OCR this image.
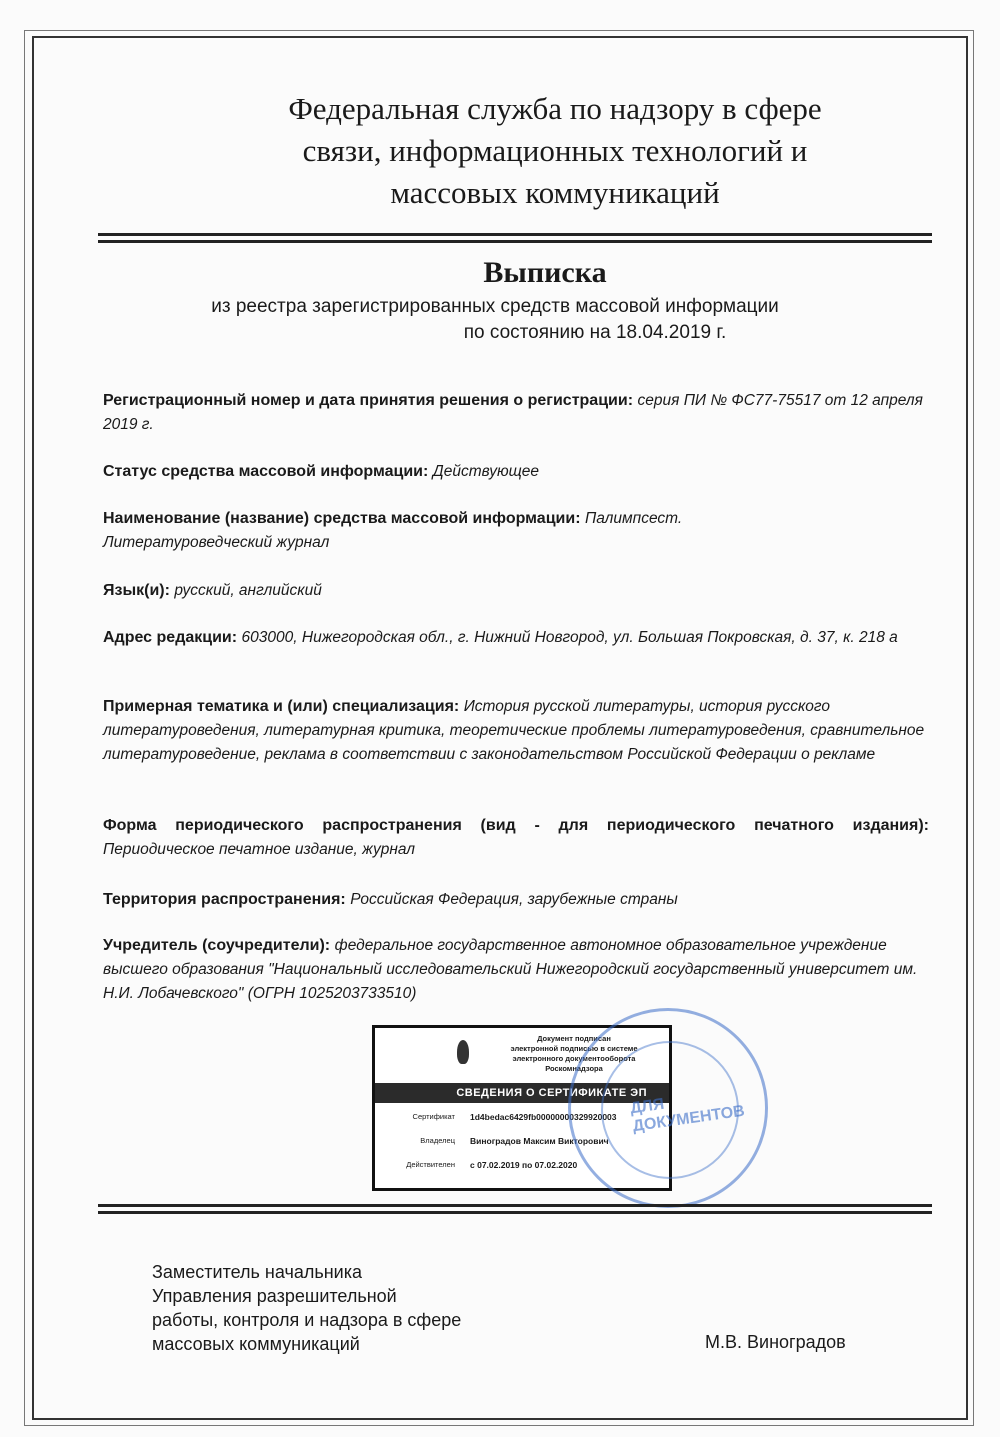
Федеральная служба по надзору в сфере
связи, информационных технологий и
массовых коммуникаций
Выписка
из реестра зарегистрированных средств массовой информации
по состоянию на 18.04.2019 г.
Регистрационный номер и дата принятия решения о регистрации: серия ПИ № ФС77-75517 от 12 апреля 2019 г.
Статус средства массовой информации: Действующее
Наименование (название) средства массовой информации: Палимпсест. Литературоведческий журнал
Язык(и): русский, английский
Адрес редакции: 603000, Нижегородская обл., г. Нижний Новгород, ул. Большая Покровская, д. 37, к. 218 а
Примерная тематика и (или) специализация: История русской литературы, история русского литературоведения, литературная критика, теоретические проблемы литературоведения, сравнительное литературоведение, реклама в соответствии с законодательством Российской Федерации о рекламе
Форма периодического распространения (вид - для периодического печатного издания): Периодическое печатное издание, журнал
Территория распространения: Российская Федерация, зарубежные страны
Учредитель (соучредители): федеральное государственное автономное образовательное учреждение высшего образования "Национальный исследовательский Нижегородский государственный университет им. Н.И. Лобачевского" (ОГРН 1025203733510)
Документ подписан
электронной подписью в системе
электронного документооборота
Роскомнадзора
СВЕДЕНИЯ О СЕРТИФИКАТЕ ЭП
Сертификат 1d4bedac6429fb00000000329920003
Владелец Виноградов Максим Викторович
Действителен с 07.02.2019 по 07.02.2020
ДЛЯ ДОКУМЕНТОВ
Заместитель начальника
Управления разрешительной
работы, контроля и надзора в сфере
массовых коммуникаций	М.В. Виноградов
